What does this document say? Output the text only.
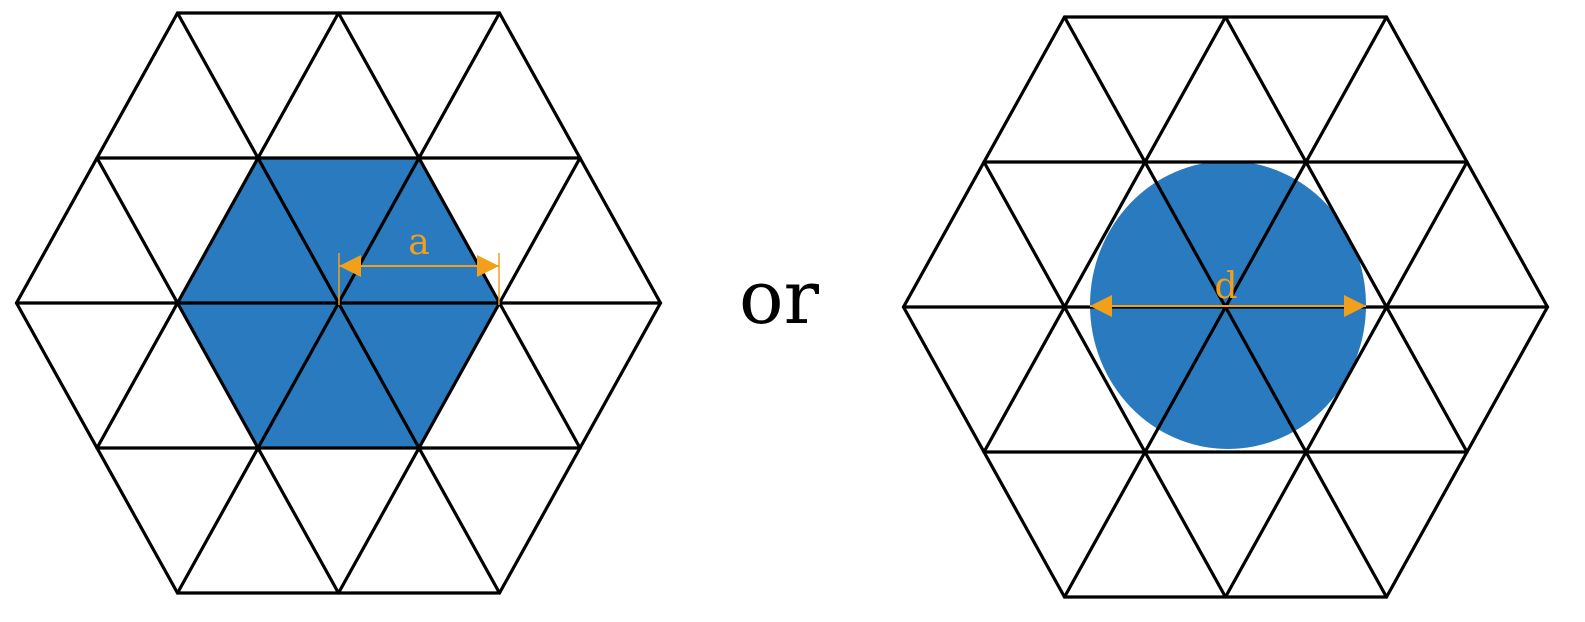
a
or	d
